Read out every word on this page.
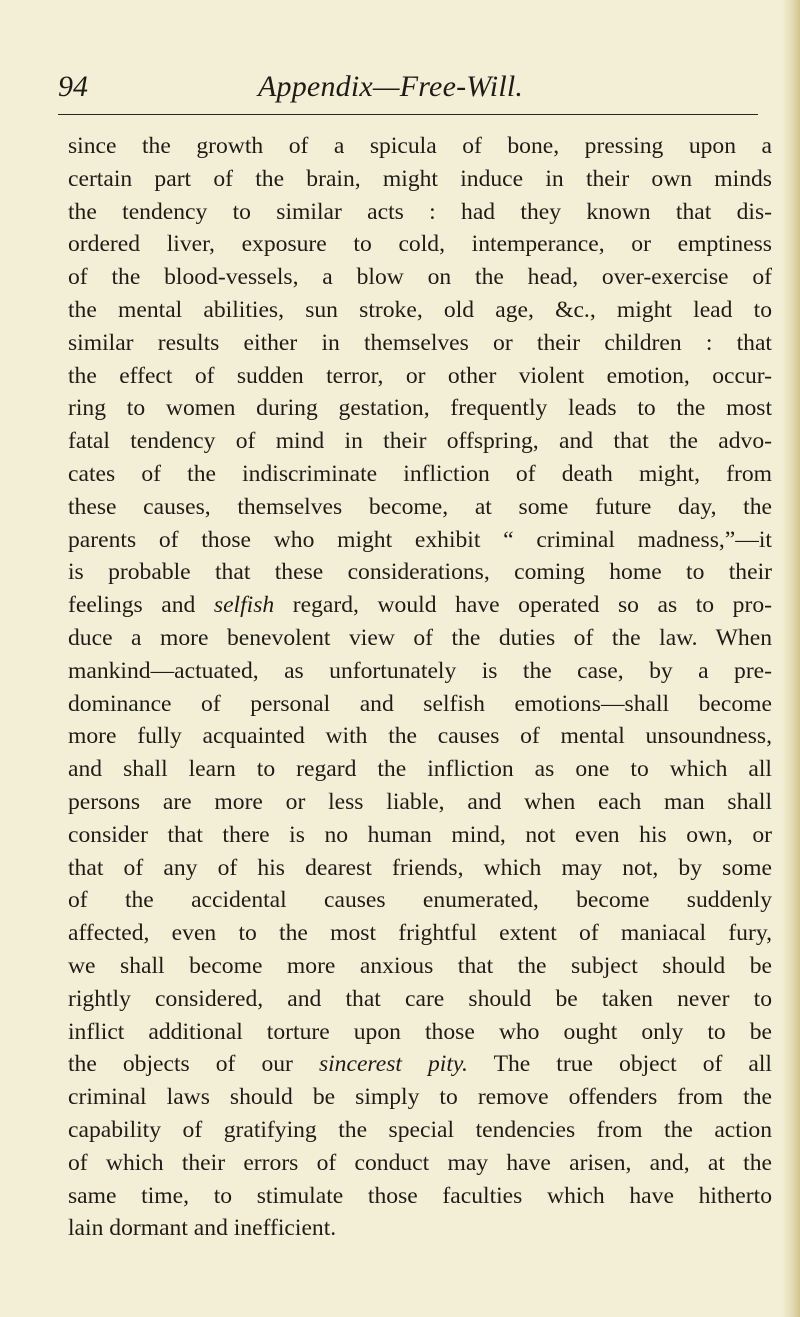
94	Appendix—Free-Will.
since the growth of a spicula of bone, pressing upon a
certain part of the brain, might induce in their own minds
the tendency to similar acts : had they known that dis-
ordered liver, exposure to cold, intemperance, or emptiness
of the blood-vessels, a blow on the head, over-exercise of
the mental abilities, sun stroke, old age, &c., might lead to
similar results either in themselves or their children : that
the effect of sudden terror, or other violent emotion, occur-
ring to women during gestation, frequently leads to the most
fatal tendency of mind in their offspring, and that the advo-
cates of the indiscriminate infliction of death might, from
these causes, themselves become, at some future day, the
parents of those who might exhibit “ criminal madness,”—it
is probable that these considerations, coming home to their
feelings and selfish regard, would have operated so as to pro-
duce a more benevolent view of the duties of the law. When
mankind—actuated, as unfortunately is the case, by a pre-
dominance of personal and selfish emotions—shall become
more fully acquainted with the causes of mental unsoundness,
and shall learn to regard the infliction as one to which all
persons are more or less liable, and when each man shall
consider that there is no human mind, not even his own, or
that of any of his dearest friends, which may not, by some
of the accidental causes enumerated, become suddenly
affected, even to the most frightful extent of maniacal fury,
we shall become more anxious that the subject should be
rightly considered, and that care should be taken never to
inflict additional torture upon those who ought only to be
the objects of our sincerest pity. The true object of all
criminal laws should be simply to remove offenders from the
capability of gratifying the special tendencies from the action
of which their errors of conduct may have arisen, and, at the
same time, to stimulate those faculties which have hitherto
lain dormant and inefficient.
